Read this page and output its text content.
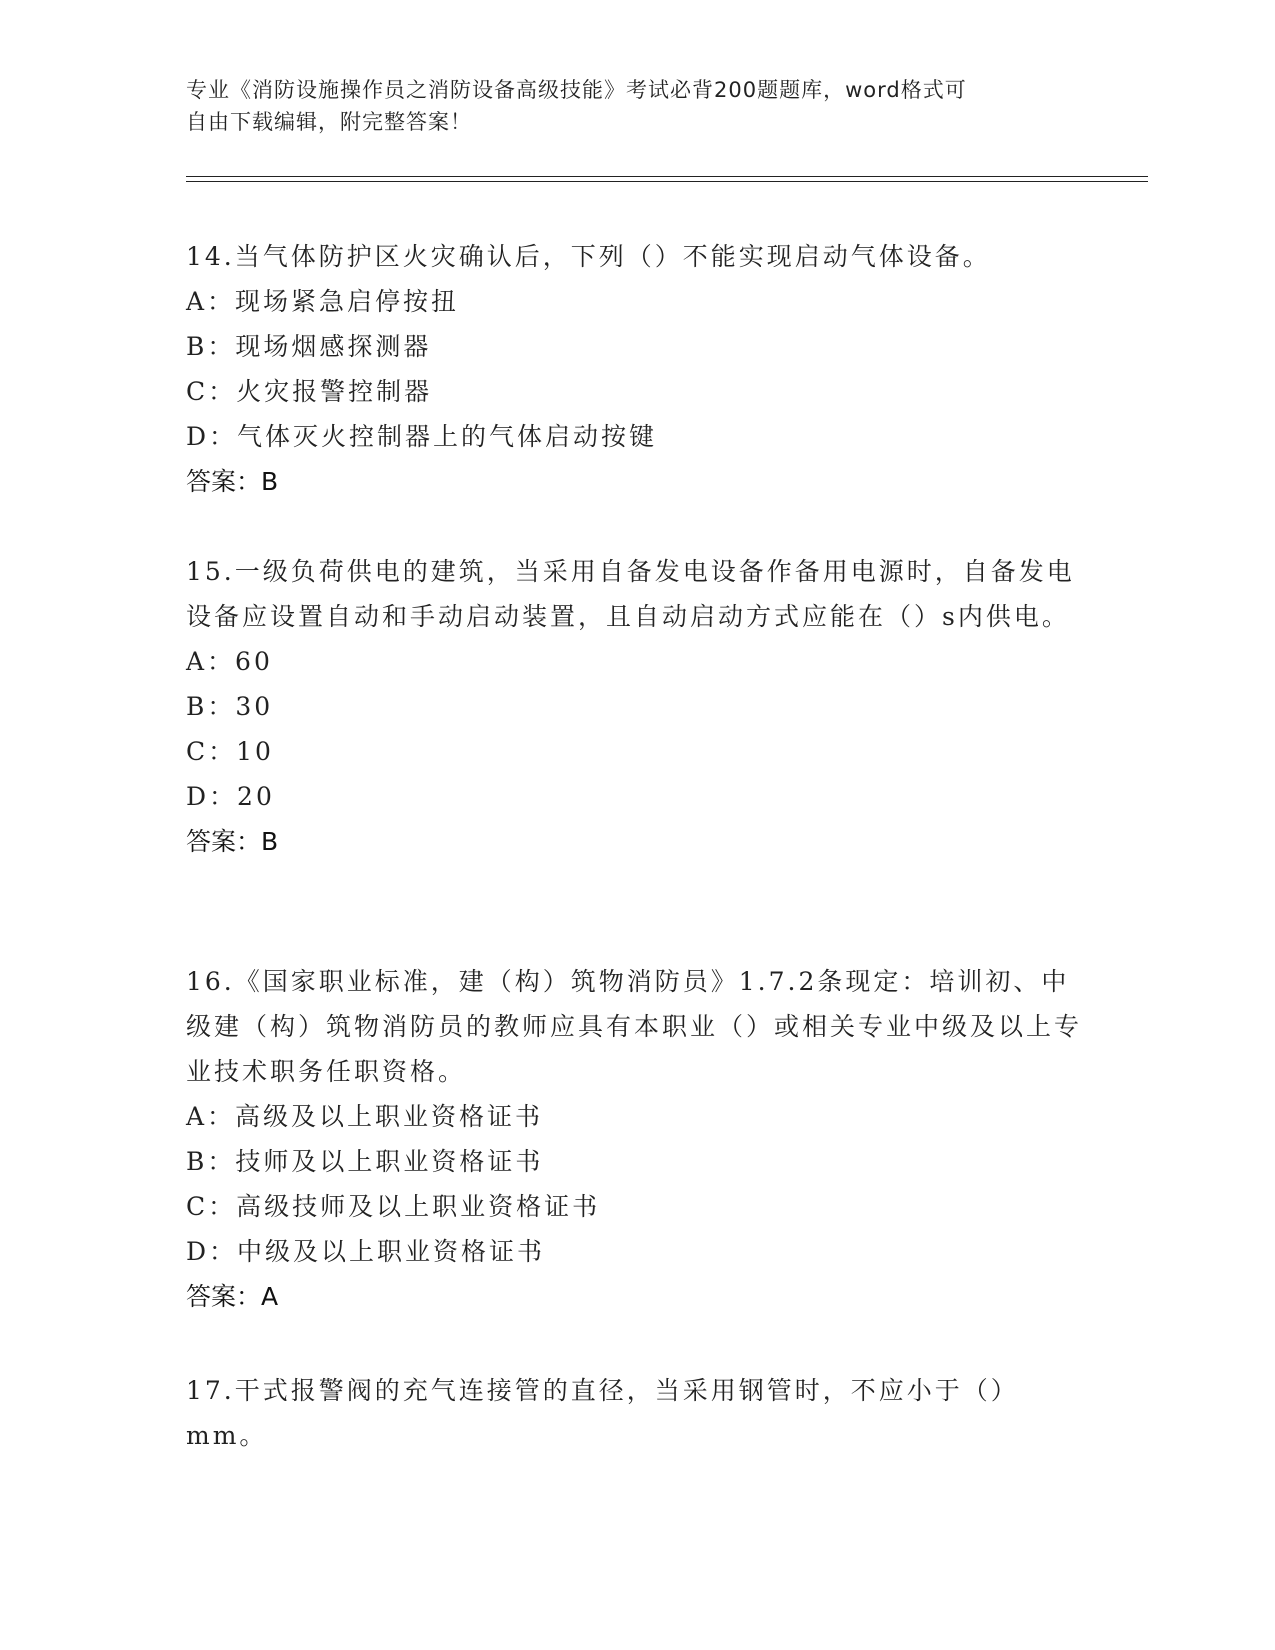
专业《消防设施操作员之消防设备高级技能》考试必背200题题库，word格式可
自由下载编辑，附完整答案！

14.当气体防护区火灾确认后，下列（）不能实现启动气体设备。

A：现场紧急启停按扭

B：现场烟感探测器

C：火灾报警控制器

D：气体灭火控制器上的气体启动按键

答案：B

15.一级负荷供电的建筑，当采用自备发电设备作备用电源时，自备发电设备应设置自动和手动启动装置，且自动启动方式应能在（）s内供电。

A：60

B：30

C：10

D：20

答案：B

16.《国家职业标准，建（构）筑物消防员》1.7.2条现定：培训初、中级建（构）筑物消防员的教师应具有本职业（）或相关专业中级及以上专业技术职务任职资格。

A：高级及以上职业资格证书

B：技师及以上职业资格证书

C：高级技师及以上职业资格证书

D：中级及以上职业资格证书

答案：A

17.干式报警阀的充气连接管的直径，当采用钢管时，不应小于（）mm。
